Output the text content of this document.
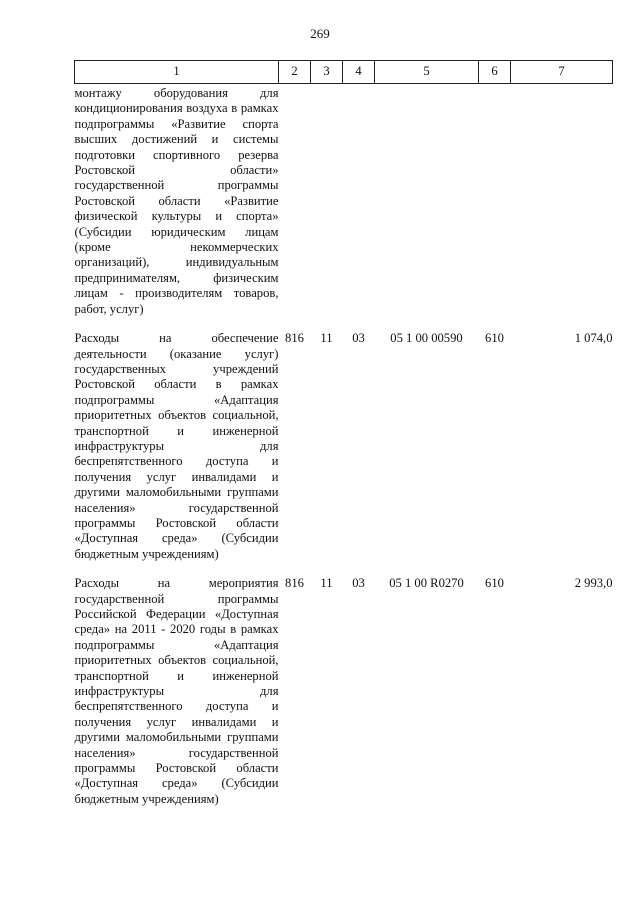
269
1	2	3	4	5	6	7
монтажу оборудования для кондиционирования воздуха в рамках подпрограммы «Развитие спорта высших достижений и системы подготовки спортивного резерва Ростовской области» государственной программы Ростовской области «Развитие физической культуры и спорта» (Субсидии юридическим лицам (кроме некоммерческих организаций), индивидуальным предпринимателям, физическим лицам - производителям товаров, работ, услуг)						
Расходы на обеспечение деятельности (оказание услуг) государственных учреждений Ростовской области в рамках подпрограммы «Адаптация приоритетных объектов социальной, транспортной и инженерной инфраструктуры для беспрепятственного доступа и получения услуг инвалидами и другими маломобильными группами населения» государственной программы Ростовской области «Доступная среда» (Субсидии бюджетным учреждениям)	816	11	03	05 1 00 00590	610	1 074,0
Расходы на мероприятия государственной программы Российской Федерации «Доступная среда» на 2011 - 2020 годы в рамках подпрограммы «Адаптация приоритетных объектов социальной, транспортной и инженерной инфраструктуры для беспрепятственного доступа и получения услуг инвалидами и другими маломобильными группами населения» государственной программы Ростовской области «Доступная среда» (Субсидии бюджетным учреждениям)	816	11	03	05 1 00 R0270	610	2 993,0
